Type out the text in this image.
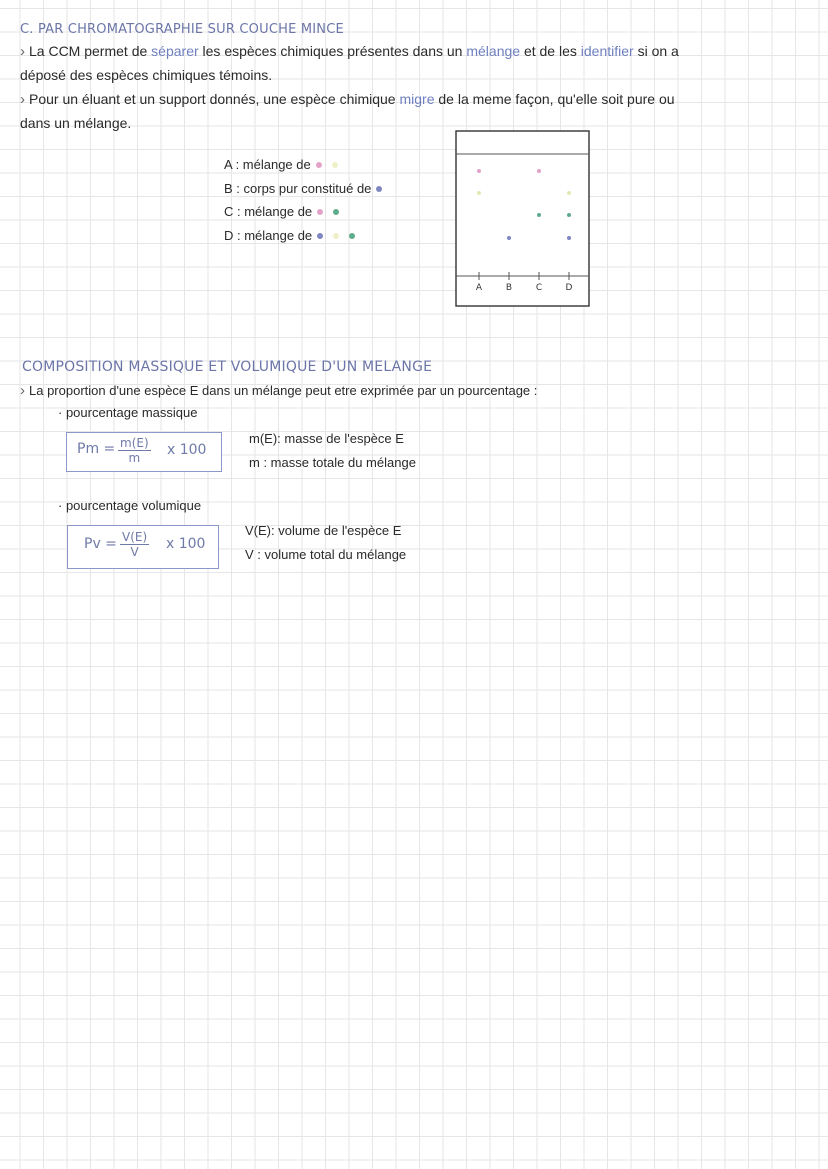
C. PAR CHROMATOGRAPHIE SUR COUCHE MINCE
› La CCM permet de séparer les espèces chimiques présentes dans un mélange et de les identifier si on a
déposé des espèces chimiques témoins.
› Pour un éluant et un support donnés, une espèce chimique migre de la meme façon, qu'elle soit pure ou
dans un mélange.
A : mélange de
B : corps pur constitué de
C : mélange de
D : mélange de
A	B	C	D
COMPOSITION MASSIQUE ET VOLUMIQUE D'UN MELANGE
› La proportion d'une espèce E dans un mélange peut etre exprimée par un pourcentage :
· pourcentage massique
$Pm = \frac{m(E)}{m}$ x 100
m(E): masse de l'espèce E
m : masse totale du mélange
· pourcentage volumique
$Pv = \frac{V(E)}{V}$ x 100
V(E): volume de l'espèce E
V : volume total du mélange
